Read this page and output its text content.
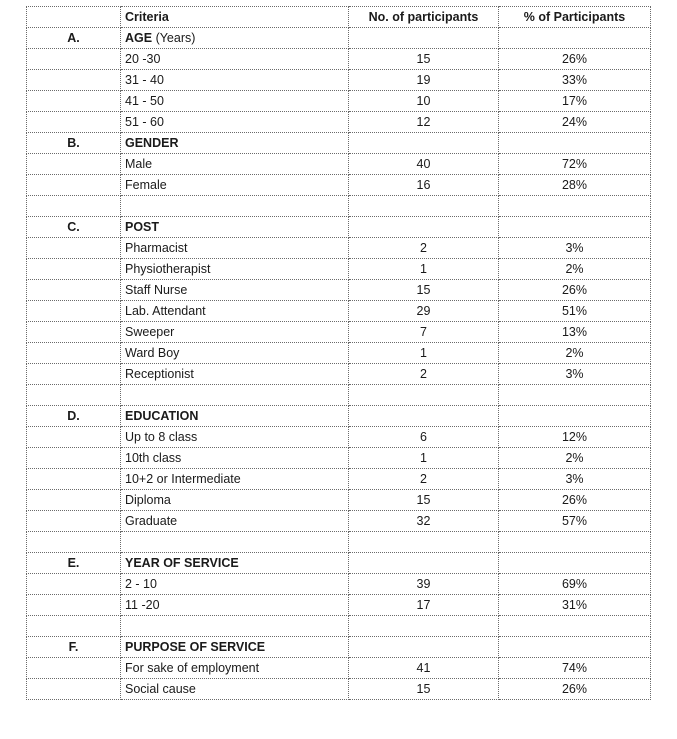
	Criteria	No. of participants	% of Participants
A.	AGE (Years)		
	20 -30	15	26%
	31 - 40	19	33%
	41 - 50	10	17%
	51 - 60	12	24%
B.	GENDER		
	Male	40	72%
	Female	16	28%

C.	POST		
	Pharmacist	2	3%
	Physiotherapist	1	2%
	Staff Nurse	15	26%
	Lab. Attendant	29	51%
	Sweeper	7	13%
	Ward Boy	1	2%
	Receptionist	2	3%

D.	EDUCATION		
	Up to 8 class	6	12%
	10th class	1	2%
	10+2 or Intermediate	2	3%
	Diploma	15	26%
	Graduate	32	57%

E.	YEAR OF SERVICE		
	2 - 10	39	69%
	11 -20	17	31%

F.	PURPOSE OF SERVICE		
	For sake of employment	41	74%
	Social cause	15	26%
